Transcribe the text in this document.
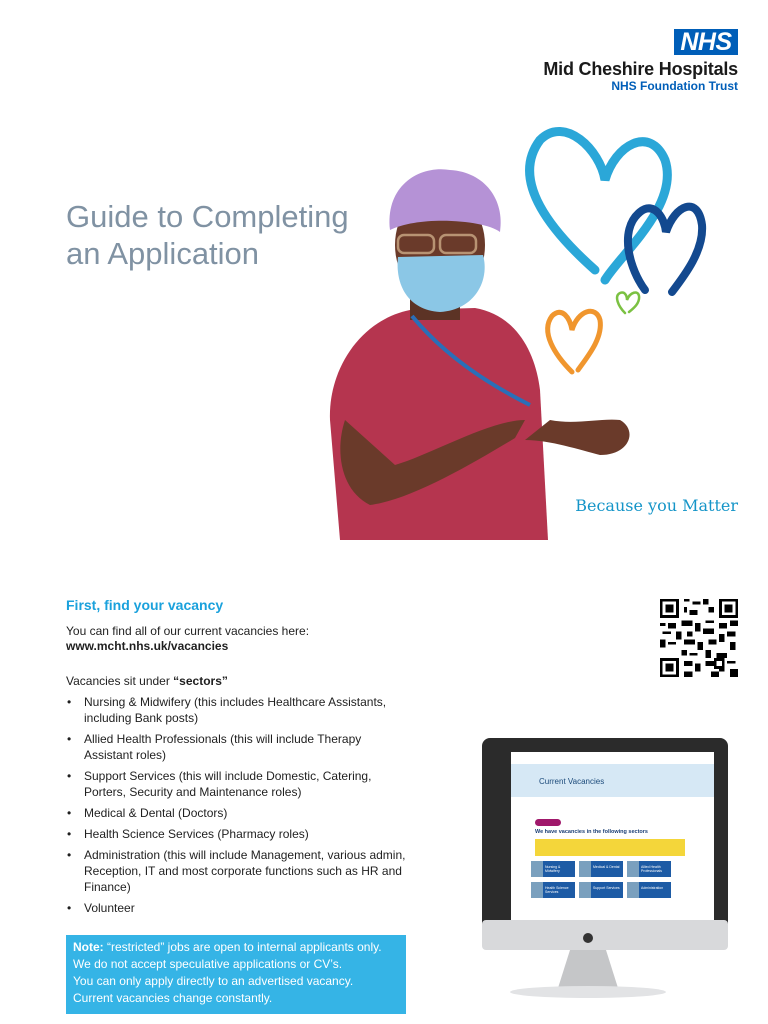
NHS
Mid Cheshire Hospitals
NHS Foundation Trust
Guide to Completing an Application
Because you Matter
First, find your vacancy
You can find all of our current vacancies here:
www.mcht.nhs.uk/vacancies
Vacancies sit under “sectors”
• Nursing & Midwifery (this includes Healthcare Assistants, including Bank posts)
• Allied Health Professionals (this will include Therapy Assistant roles)
• Support Services (this will include Domestic, Catering, Porters, Security and Maintenance roles)
• Medical & Dental (Doctors)
• Health Science Services (Pharmacy roles)
• Administration (this will include Management, various admin, Reception, IT and most corporate functions such as HR and Finance)
• Volunteer
Note: “restricted” jobs are open to internal applicants only.
We do not accept speculative applications or CV’s.
You can only apply directly to an advertised vacancy.
Current vacancies change constantly.
Current Vacancies
We have vacancies in the following sectors
Nursing & Midwifery
Medical & Dental	Allied Health Professionals
Health Science Services
Support Services	Administration
